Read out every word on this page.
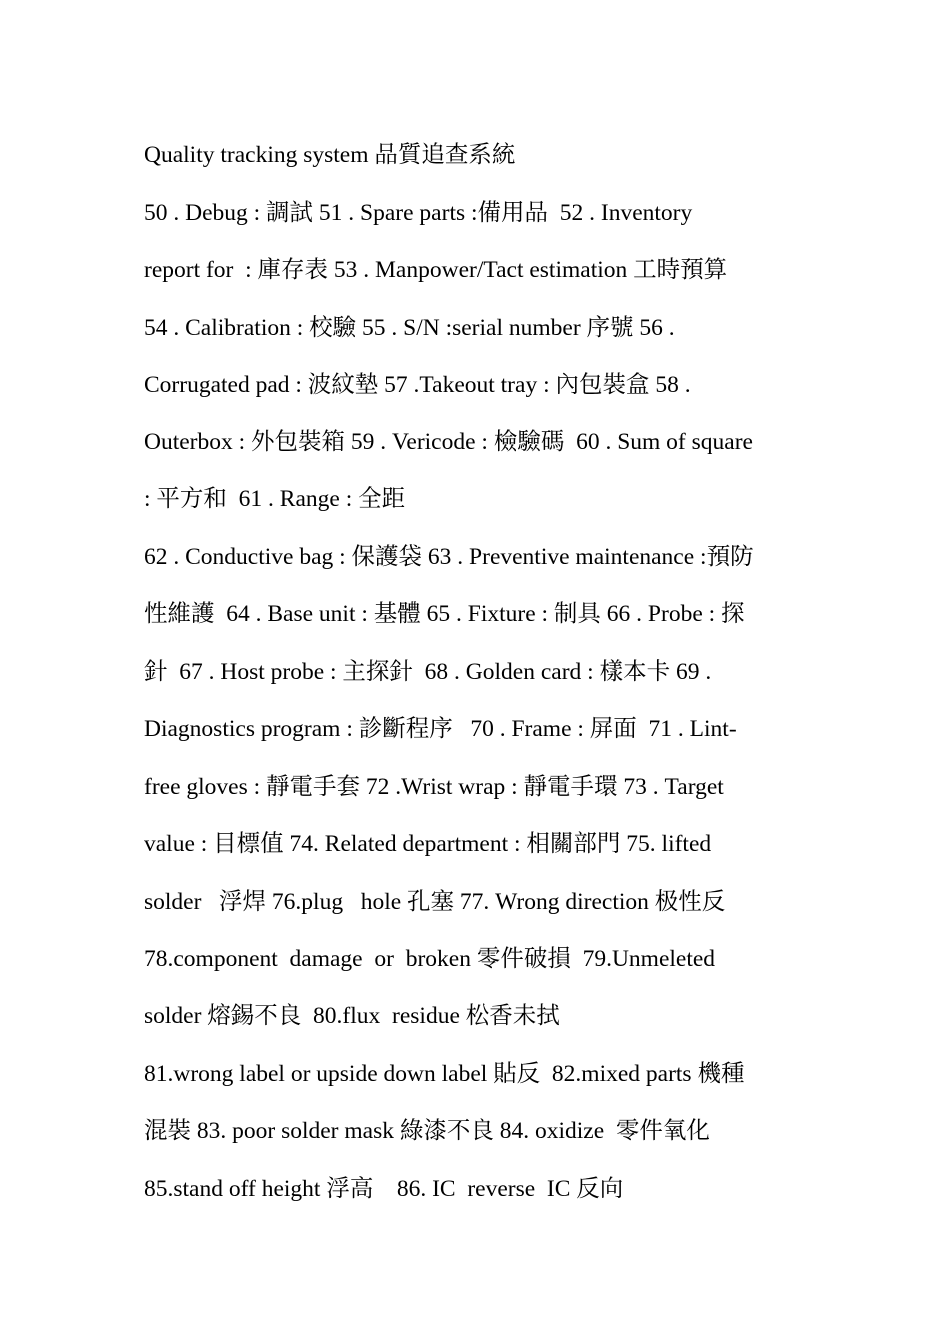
Quality tracking system 品質追查系統
50 . Debug : 調試 51 . Spare parts :備用品  52 . Inventory
report for  : 庫存表 53 . Manpower/Tact estimation 工時預算
54 . Calibration : 校驗 55 . S/N :serial number 序號 56 .
Corrugated pad : 波紋墊 57 .Takeout tray : 內包裝盒 58 .
Outerbox : 外包裝箱 59 . Vericode : 檢驗碼  60 . Sum of square
: 平方和  61 . Range : 全距
62 . Conductive bag : 保護袋 63 . Preventive maintenance :預防
性維護  64 . Base unit : 基體 65 . Fixture : 制具 66 . Probe : 探
針  67 . Host probe : 主探針  68 . Golden card : 樣本卡 69 .
Diagnostics program : 診斷程序   70 . Frame : 屏面  71 . Lint-
free gloves : 靜電手套 72 .Wrist wrap : 靜電手環 73 . Target
value : 目標值 74. Related department : 相關部門 75. lifted
solder   浮焊 76.plug   hole 孔塞 77. Wrong direction 极性反
78.component  damage  or  broken 零件破損  79.Unmeleted
solder 熔錫不良  80.flux  residue 松香未拭
81.wrong label or upside down label 貼反  82.mixed parts 機種
混裝 83. poor solder mask 綠漆不良 84. oxidize  零件氧化
85.stand off height 浮高    86. IC  reverse  IC 反向
